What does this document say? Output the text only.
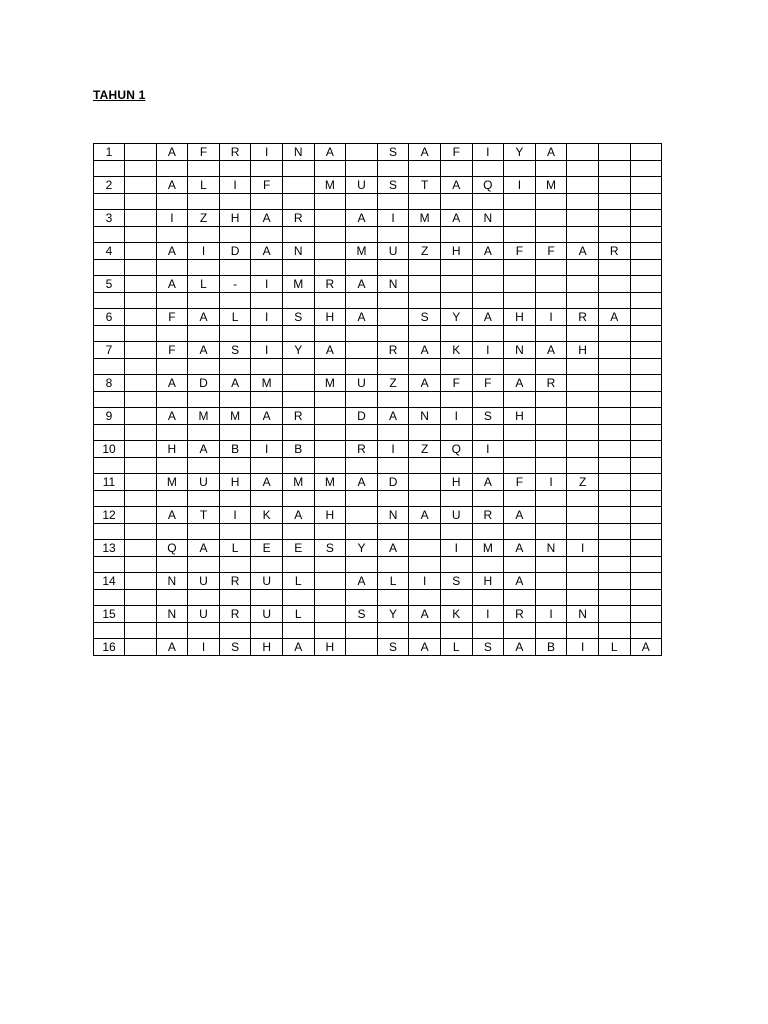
TAHUN 1
1		A	F	R	I	N	A		S	A	F	I	Y	A			

2		A	L	I	F		M	U	S	T	A	Q	I	M			

3		I	Z	H	A	R		A	I	M	A	N					

4		A	I	D	A	N		M	U	Z	H	A	F	F	A	R	

5		A	L	-	I	M	R	A	N								

6		F	A	L	I	S	H	A		S	Y	A	H	I	R	A	

7		F	A	S	I	Y	A		R	A	K	I	N	A	H		

8		A	D	A	M		M	U	Z	A	F	F	A	R			

9		A	M	M	A	R		D	A	N	I	S	H				

10		H	A	B	I	B		R	I	Z	Q	I					

11		M	U	H	A	M	M	A	D		H	A	F	I	Z		

12		A	T	I	K	A	H		N	A	U	R	A				

13		Q	A	L	E	E	S	Y	A		I	M	A	N	I		

14		N	U	R	U	L		A	L	I	S	H	A				

15		N	U	R	U	L		S	Y	A	K	I	R	I	N		

16		A	I	S	H	A	H		S	A	L	S	A	B	I	L	A
